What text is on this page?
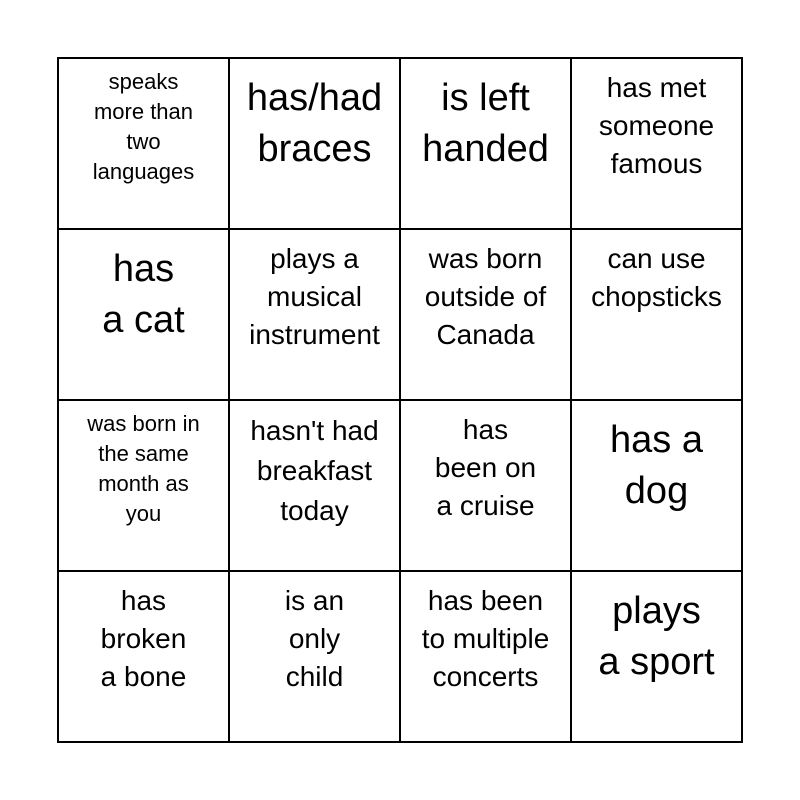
speaks
more than
two
languages
has/had
braces
is left
handed
has met
someone
famous
has
a cat
plays a
musical
instrument
was born
outside of
Canada
can use
chopsticks
was born in
the same
month as
you
hasn't had
breakfast
today
has
been on
a cruise
has a
dog
has
broken
a bone
is an
only
child
has been
to multiple
concerts
plays
a sport
